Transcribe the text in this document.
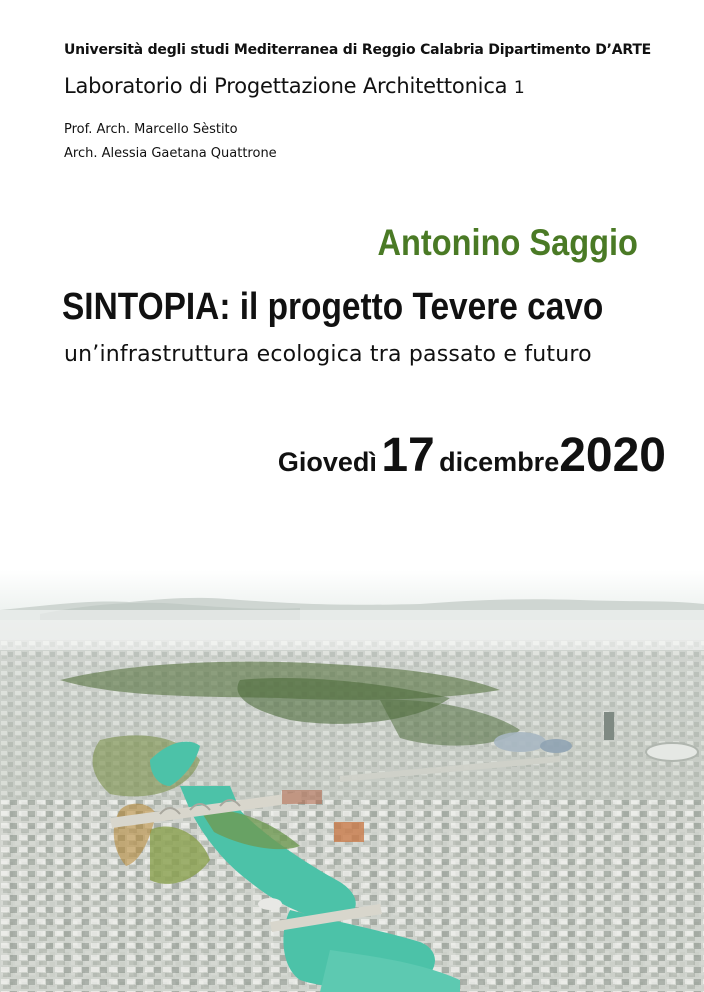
Università degli studi Mediterranea di Reggio Calabria Dipartimento D’ARTE
Laboratorio di Progettazione Architettonica 1
Prof. Arch. Marcello Sèstito
Arch. Alessia Gaetana Quattrone
Antonino Saggio
SINTOPIA: il progetto Tevere cavo
un’infrastruttura ecologica tra passato e futuro
Giovedì 17 dicembre2020
